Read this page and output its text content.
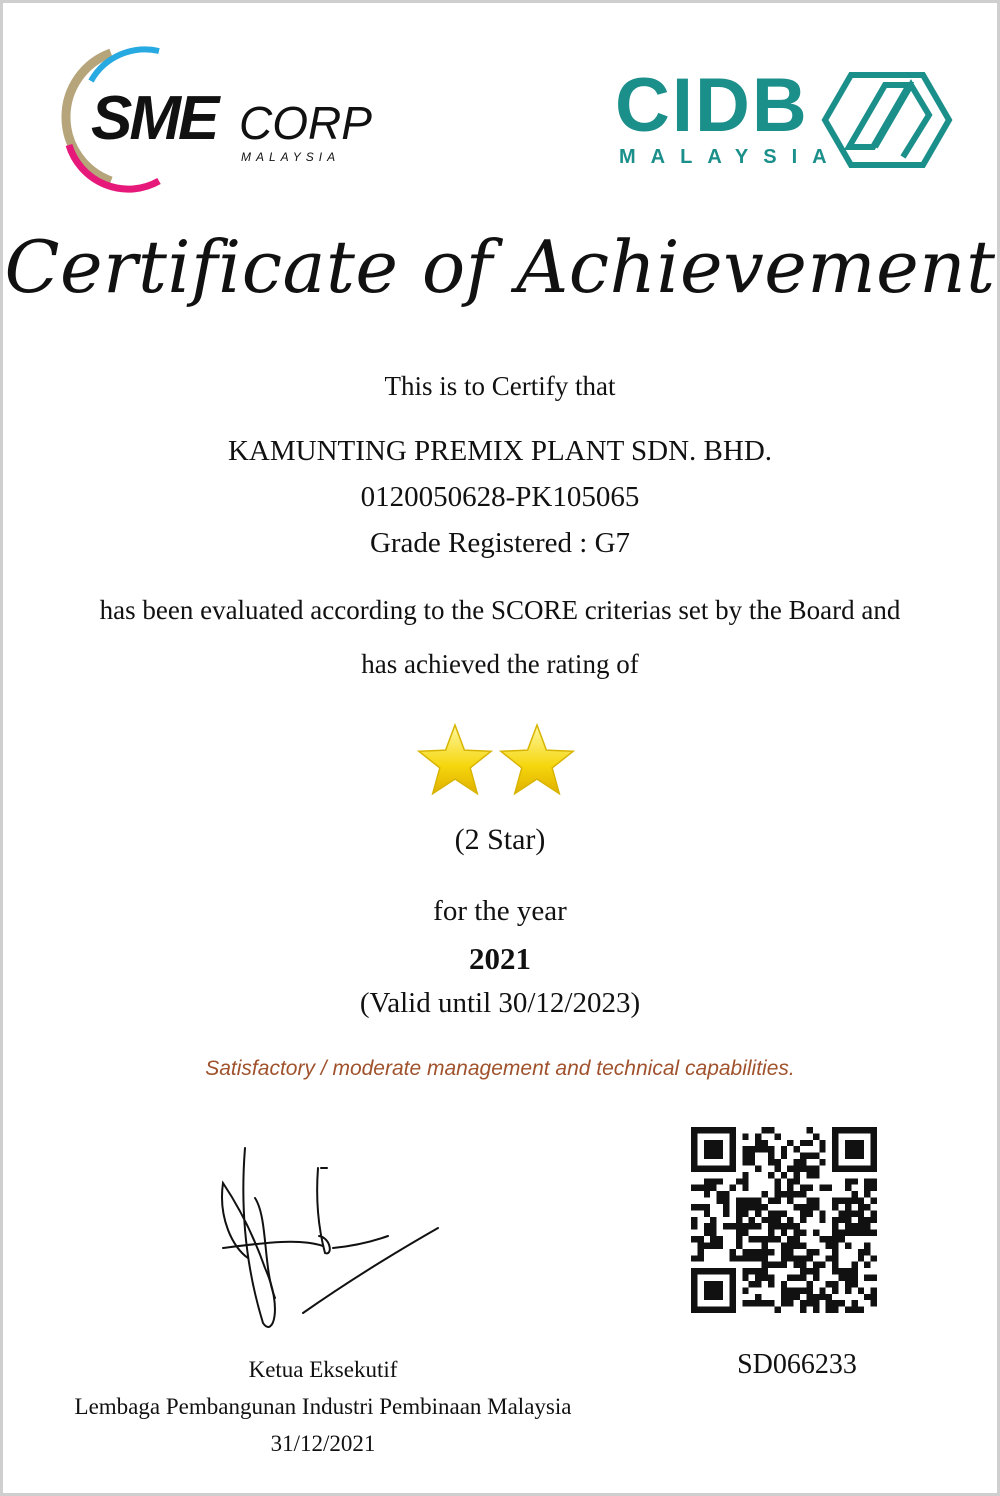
SME CORP
MALAYSIA
CIDB
MALAYSIA
Certificate of Achievement
This is to Certify that
KAMUNTING PREMIX PLANT SDN. BHD.
0120050628-PK105065
Grade Registered : G7
has been evaluated according to the SCORE criterias set by the Board and
has achieved the rating of
(2 Star)
for the year
2021
(Valid until 30/12/2023)
Satisfactory / moderate management and technical capabilities.
Ketua Eksekutif
Lembaga Pembangunan Industri Pembinaan Malaysia
31/12/2021
SD066233
